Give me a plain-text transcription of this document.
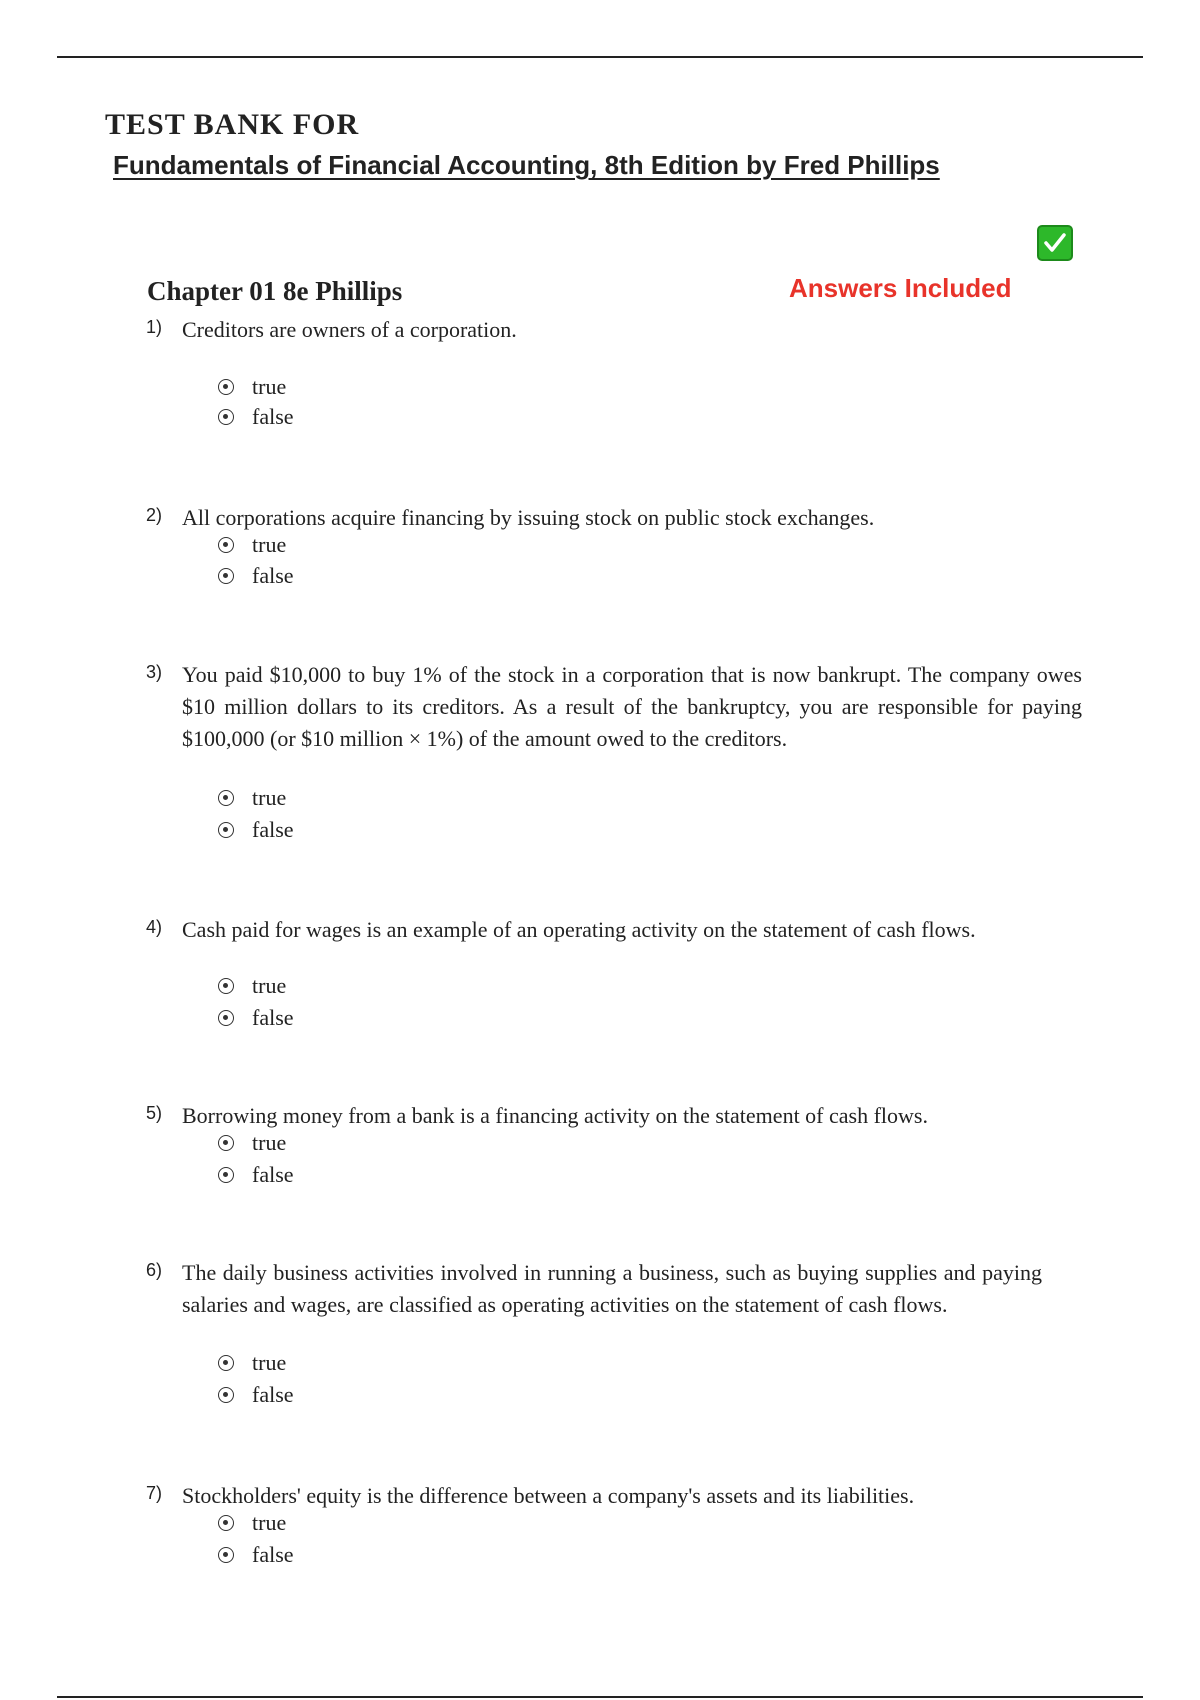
TEST BANK FOR
Fundamentals of Financial Accounting, 8th Edition by Fred Phillips
Answers Included
Chapter 01 8e Phillips
1) Creditors are owners of a corporation.
true
false
2) All corporations acquire financing by issuing stock on public stock exchanges.
true
false
3) You paid $10,000 to buy 1% of the stock in a corporation that is now bankrupt. The company owes $10 million dollars to its creditors. As a result of the bankruptcy, you are responsible for paying $100,000 (or $10 million × 1%) of the amount owed to the creditors.
true
false
4) Cash paid for wages is an example of an operating activity on the statement of cash flows.
true
false
5) Borrowing money from a bank is a financing activity on the statement of cash flows.
true
false
6) The daily business activities involved in running a business, such as buying supplies and paying salaries and wages, are classified as operating activities on the statement of cash flows.
true
false
7) Stockholders' equity is the difference between a company's assets and its liabilities.
true
false
